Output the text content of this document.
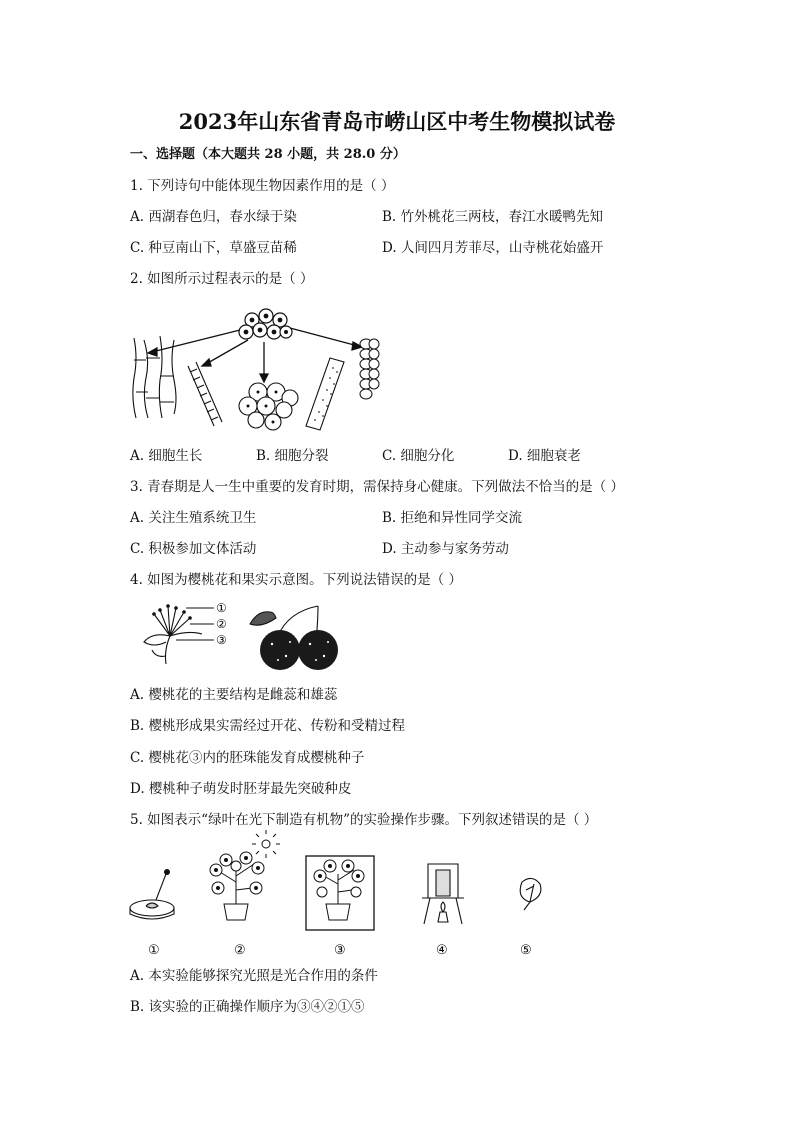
2023年山东省青岛市崂山区中考生物模拟试卷
一、选择题（本大题共 28 小题，共 28.0 分）
1. 下列诗句中能体现生物因素作用的是（ ）
A. 西湖春色归，春水绿于染	B. 竹外桃花三两枝，春江水暖鸭先知
C. 种豆南山下，草盛豆苗稀	D. 人间四月芳菲尽，山寺桃花始盛开
2. 如图所示过程表示的是（ ）
A. 细胞生长	B. 细胞分裂	C. 细胞分化	D. 细胞衰老
3. 青春期是人一生中重要的发育时期，需保持身心健康。下列做法不恰当的是（ ）
A. 关注生殖系统卫生	B. 拒绝和异性同学交流
C. 积极参加文体活动	D. 主动参与家务劳动
4. 如图为樱桃花和果实示意图。下列说法错误的是（ ）
①
②
③
A. 樱桃花的主要结构是雌蕊和雄蕊
B. 樱桃形成果实需经过开花、传粉和受精过程
C. 樱桃花③内的胚珠能发育成樱桃种子
D. 樱桃种子萌发时胚芽最先突破种皮
5. 如图表示“绿叶在光下制造有机物”的实验操作步骤。下列叙述错误的是（ ）
①	②	③	④	⑤
A. 本实验能够探究光照是光合作用的条件
B. 该实验的正确操作顺序为③④②①⑤
